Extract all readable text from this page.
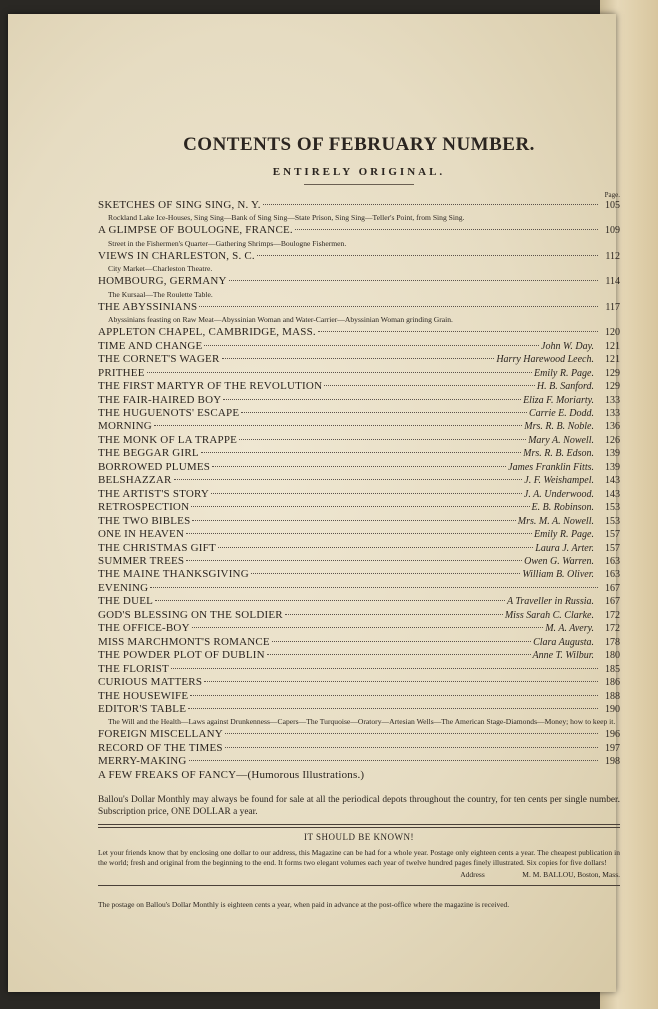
CONTENTS OF FEBRUARY NUMBER.
ENTIRELY ORIGINAL.
Page.
SKETCHES OF SING SING, N. Y.	105
Rockland Lake Ice-Houses, Sing Sing—Bank of Sing Sing—State Prison, Sing Sing—Teller's Point, from Sing Sing.
A GLIMPSE OF BOULOGNE, FRANCE.	109
Street in the Fishermen's Quarter—Gathering Shrimps—Boulogne Fishermen.
VIEWS IN CHARLESTON, S. C.	112
City Market—Charleston Theatre.
HOMBOURG, GERMANY	114
The Kursaal—The Roulette Table.
THE ABYSSINIANS	117
Abyssinians feasting on Raw Meat—Abyssinian Woman and Water-Carrier—Abyssinian Woman grinding Grain.
APPLETON CHAPEL, CAMBRIDGE, MASS.	120
TIME AND CHANGE	John W. Day.	121
THE CORNET'S WAGER	Harry Harewood Leech.	121
PRITHEE	Emily R. Page.	129
THE FIRST MARTYR OF THE REVOLUTION	H. B. Sanford.	129
THE FAIR-HAIRED BOY	Eliza F. Moriarty.	133
THE HUGUENOTS' ESCAPE	Carrie E. Dodd.	133
MORNING	Mrs. R. B. Noble.	136
THE MONK OF LA TRAPPE	Mary A. Nowell.	126
THE BEGGAR GIRL	Mrs. R. B. Edson.	139
BORROWED PLUMES	James Franklin Fitts.	139
BELSHAZZAR	J. F. Weishampel.	143
THE ARTIST'S STORY	J. A. Underwood.	143
RETROSPECTION	E. B. Robinson.	153
THE TWO BIBLES	Mrs. M. A. Nowell.	153
ONE IN HEAVEN	Emily R. Page.	157
THE CHRISTMAS GIFT	Laura J. Arter.	157
SUMMER TREES	Owen G. Warren.	163
THE MAINE THANKSGIVING	William B. Oliver.	163
EVENING	167
THE DUEL	A Traveller in Russia.	167
GOD'S BLESSING ON THE SOLDIER	Miss Sarah C. Clarke.	172
THE OFFICE-BOY	M. A. Avery.	172
MISS MARCHMONT'S ROMANCE	Clara Augusta.	178
THE POWDER PLOT OF DUBLIN	Anne T. Wilbur.	180
THE FLORIST	185
CURIOUS MATTERS	186
THE HOUSEWIFE	188
EDITOR'S TABLE	190
The Will and the Health—Laws against Drunkenness—Capers—The Turquoise—Oratory—Artesian Wells—The American Stage-Diamonds—Money; how to keep it.
FOREIGN MISCELLANY	196
RECORD OF THE TIMES	197
MERRY-MAKING	198
A FEW FREAKS OF FANCY—(Humorous Illustrations.)
Ballou's Dollar Monthly may always be found for sale at all the periodical depots throughout the country, for ten cents per single number. Subscription price, ONE DOLLAR a year.
IT SHOULD BE KNOWN!
Let your friends know that by enclosing one dollar to our address, this Magazine can be had for a whole year. Postage only eighteen cents a year. The cheapest publication in the world; fresh and original from the beginning to the end. It forms two elegant volumes each year of twelve hundred pages finely illustrated. Six copies for five dollars!
Address	M. M. BALLOU, Boston, Mass.
The postage on Ballou's Dollar Monthly is eighteen cents a year, when paid in advance at the post-office where the magazine is received.
